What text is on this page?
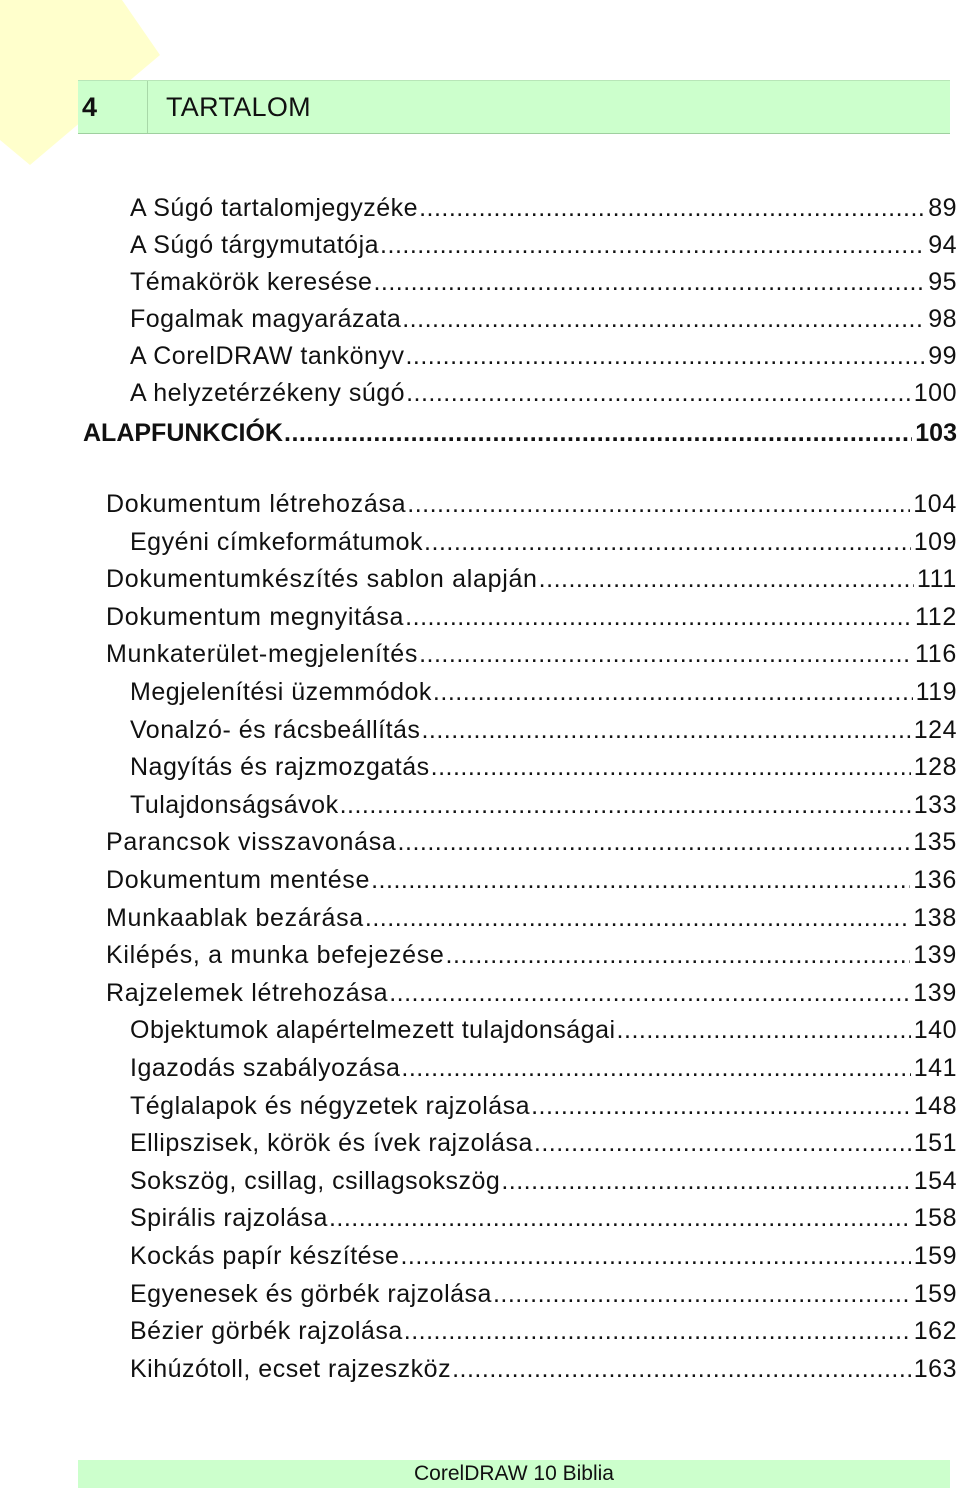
4	TARTALOM
A Súgó tartalomjegyzéke .....	89
A Súgó tárgymutatója .....	94
Témakörök keresése .....	95
Fogalmak magyarázata .....	98
A CorelDRAW tankönyv .....	99
A helyzetérzékeny súgó .....	100
ALAPFUNKCIÓK .....	103
Dokumentum létrehozása .....	104
Egyéni címkeformátumok .....	109
Dokumentumkészítés sablon alapján .....	111
Dokumentum megnyitása .....	112
Munkaterület-megjelenítés .....	116
Megjelenítési üzemmódok .....	119
Vonalzó- és rácsbeállítás .....	124
Nagyítás és rajzmozgatás .....	128
Tulajdonságsávok .....	133
Parancsok visszavonása .....	135
Dokumentum mentése .....	136
Munkaablak bezárása .....	138
Kilépés, a munka befejezése .....	139
Rajzelemek létrehozása .....	139
Objektumok alapértelmezett tulajdonságai .....	140
Igazodás szabályozása .....	141
Téglalapok és négyzetek rajzolása .....	148
Ellipszisek, körök és ívek rajzolása .....	151
Sokszög, csillag, csillagsokszög .....	154
Spirális rajzolása .....	158
Kockás papír készítése .....	159
Egyenesek és görbék rajzolása .....	159
Bézier görbék rajzolása .....	162
Kihúzótoll, ecset rajzeszköz .....	163
CorelDRAW 10 Biblia
